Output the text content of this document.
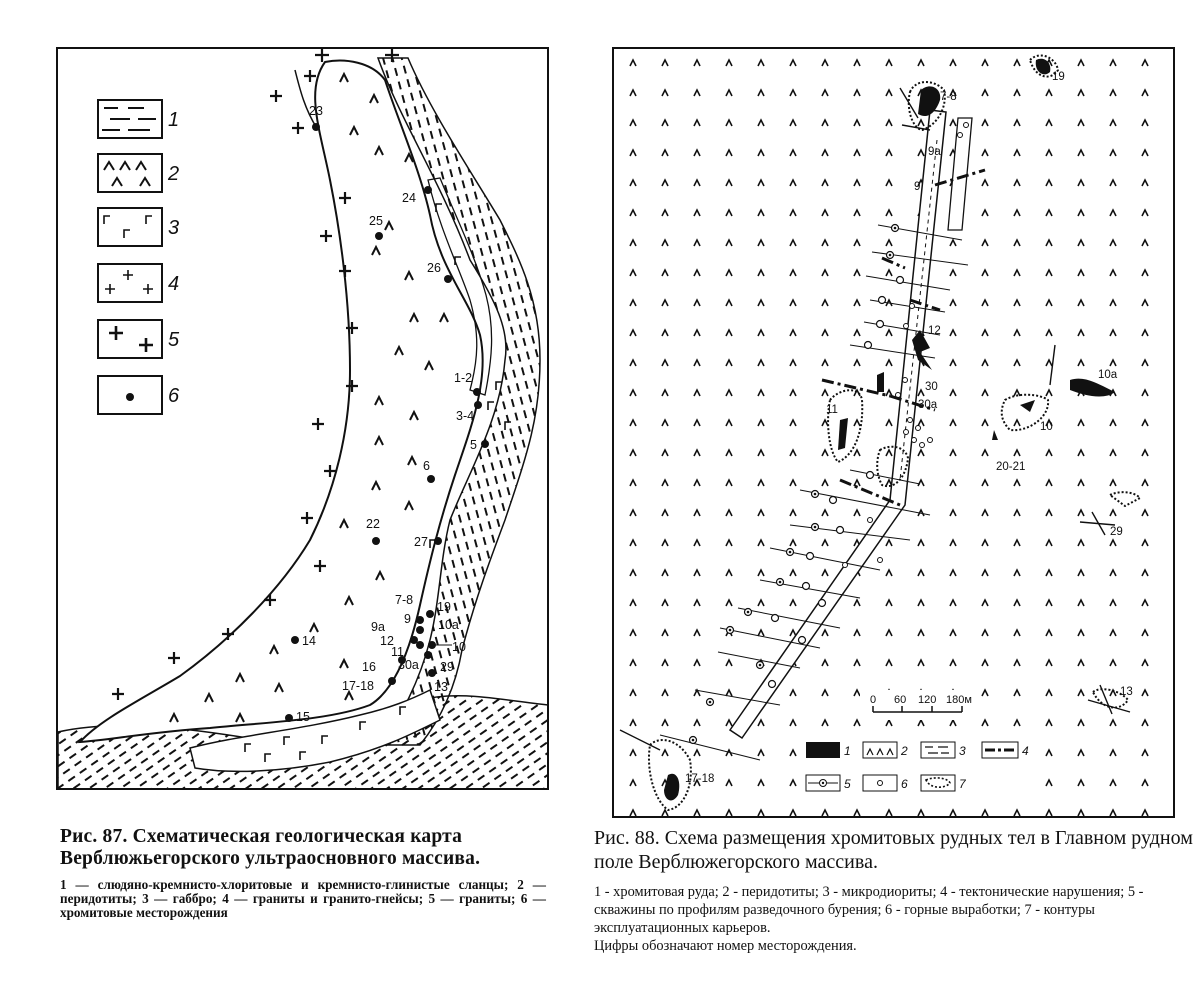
23
24
25
26
1-2
3-4
5
6
22
27
7-8 19
9
9a	10a
12
11	10
16 30a 29
17-18	13
14
15
1
2
3
4
5
6
Рис. 87. Схематическая геологическая карта Верблюжьегорского ультраосновного массива.
1 — слюдяно-кремнисто-хлоритовые и кремнисто-глинистые сланцы; 2 — перидотиты; 3 — габбро; 4 — граниты и гранито-гнейсы; 5 — граниты; 6 — хромитовые месторождения
19
7-8
9а
9
12
30
30а
11
10а
10
20-21
29
13
17-18
0 60 120 180м
1	2	3	4
5	6	7
Рис. 88. Схема размещения хромитовых рудных тел в Главном рудном поле Верблюжегорского массива.
1 - хромитовая руда; 2 - перидотиты; 3 - микродиориты; 4 - тектонические нарушения; 5 - скважины по профилям разведочного бурения; 6 - горные выработки; 7 - контуры эксплуатационных карьеров.
Цифры обозначают номер месторождения.
